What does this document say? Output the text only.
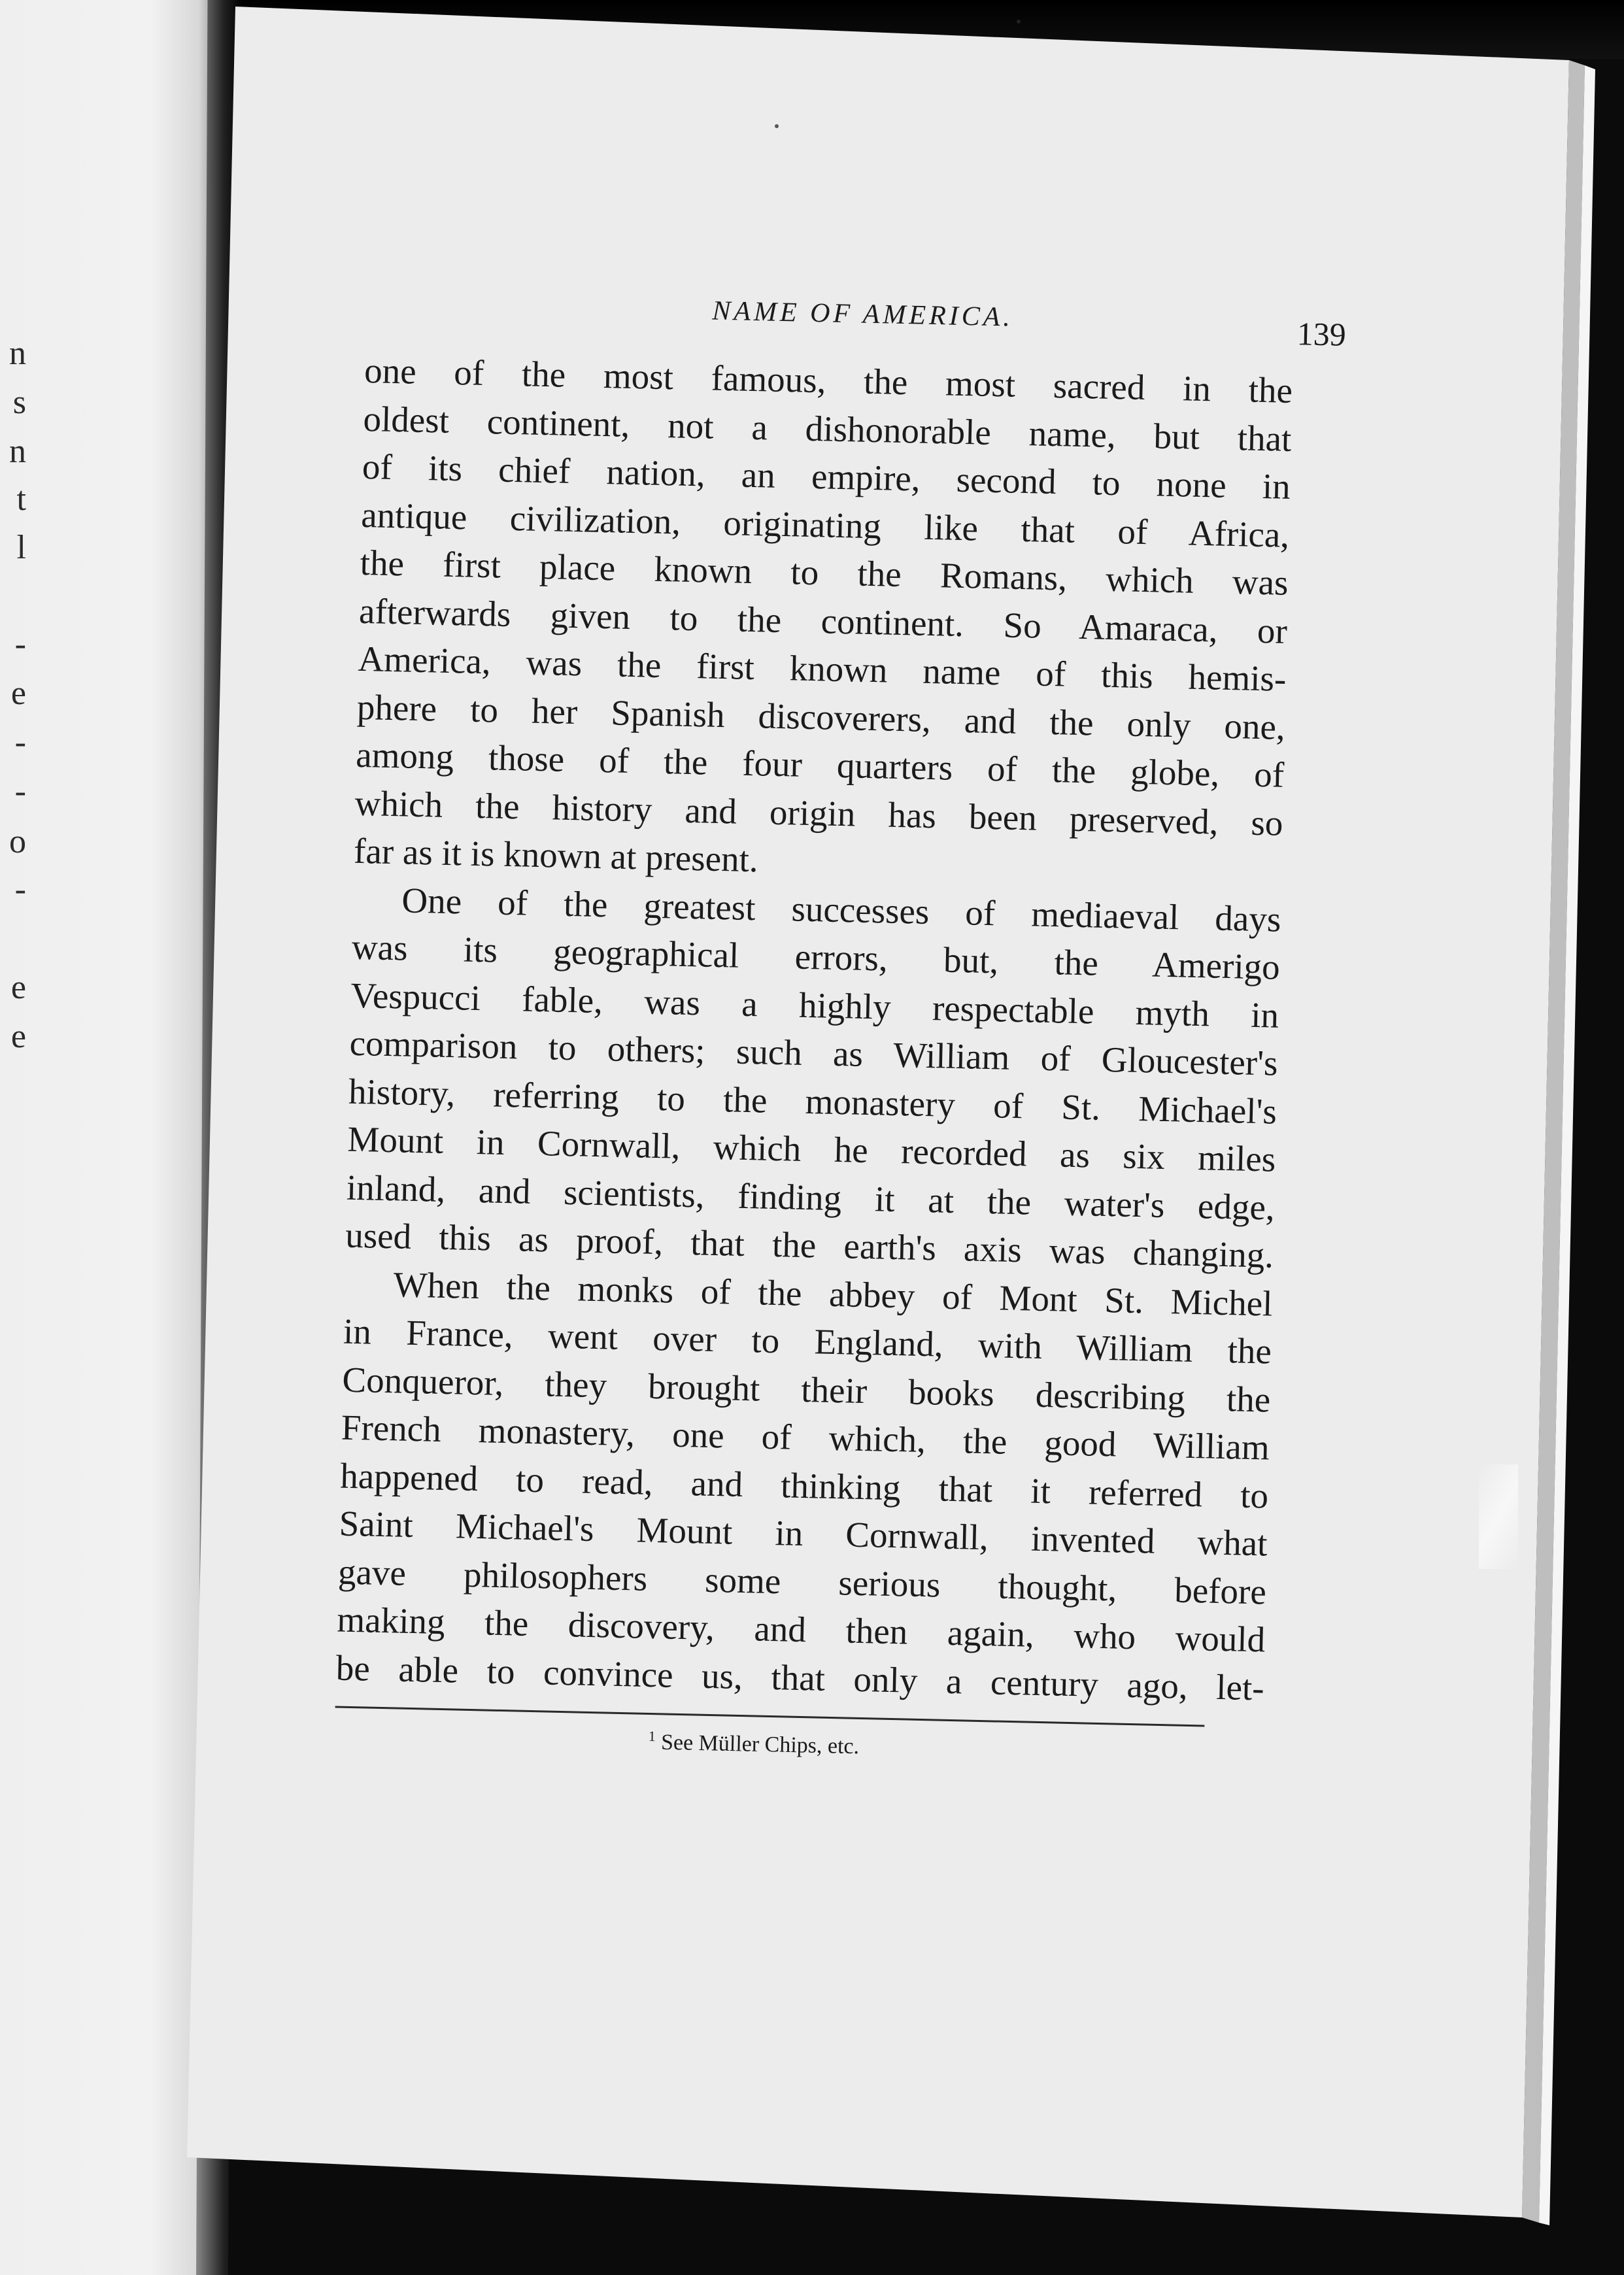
n
s
n
t
l
-
e
-
-
o
-
e
e
NAME OF AMERICA.
139

one of the most famous, the most sacred in the
oldest continent, not a dishonorable name, but that
of its chief nation, an empire, second to none in
antique civilization, originating like that of Africa,
the first place known to the Romans, which was
afterwards given to the continent. So Amaraca, or
America, was the first known name of this hemis-
phere to her Spanish discoverers, and the only one,
among those of the four quarters of the globe, of
which the history and origin has been preserved, so
far as it is known at present.

One of the greatest successes of mediaeval days
was its geographical errors, but, the Amerigo
Vespucci fable, was a highly respectable myth in
comparison to others; such as William of Gloucester's
history, referring to the monastery of St. Michael's
Mount in Cornwall, which he recorded as six miles
inland, and scientists, finding it at the water's edge,
used this as proof, that the earth's axis was changing.

When the monks of the abbey of Mont St. Michel
in France, went over to England, with William the
Conqueror, they brought their books describing the
French monastery, one of which, the good William
happened to read, and thinking that it referred to
Saint Michael's Mount in Cornwall, invented what
gave philosophers some serious thought, before
making the discovery, and then again, who would
be able to convince us, that only a century ago, let-

$^1$ See Müller Chips, etc.
